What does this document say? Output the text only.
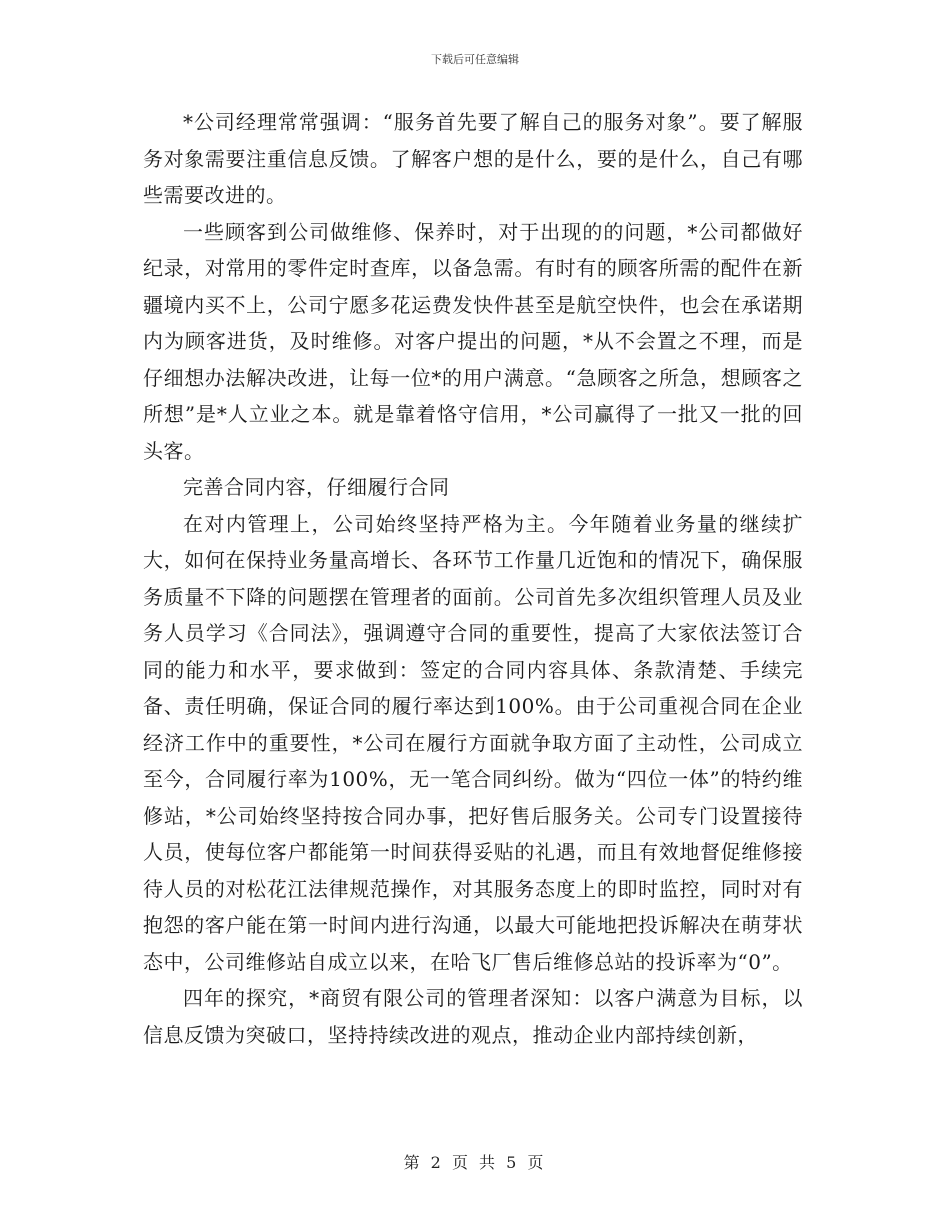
下载后可任意编辑

*公司经理常常强调：“服务首先要了解自己的服务对象”。要了解服务对象需要注重信息反馈。了解客户想的是什么，要的是什么，自己有哪些需要改进的。

一些顾客到公司做维修、保养时，对于出现的的问题，*公司都做好纪录，对常用的零件定时查库，以备急需。有时有的顾客所需的配件在新疆境内买不上，公司宁愿多花运费发快件甚至是航空快件，也会在承诺期内为顾客进货，及时维修。对客户提出的问题，*从不会置之不理，而是仔细想办法解决改进，让每一位*的用户满意。“急顾客之所急，想顾客之所想”是*人立业之本。就是靠着恪守信用，*公司赢得了一批又一批的回头客。

完善合同内容，仔细履行合同

在对内管理上，公司始终坚持严格为主。今年随着业务量的继续扩大，如何在保持业务量高增长、各环节工作量几近饱和的情况下，确保服务质量不下降的问题摆在管理者的面前。公司首先多次组织管理人员及业务人员学习《合同法》，强调遵守合同的重要性，提高了大家依法签订合同的能力和水平，要求做到：签定的合同内容具体、条款清楚、手续完备、责任明确，保证合同的履行率达到100%。由于公司重视合同在企业经济工作中的重要性，*公司在履行方面就争取方面了主动性，公司成立至今，合同履行率为100%，无一笔合同纠纷。做为“四位一体”的特约维修站，*公司始终坚持按合同办事，把好售后服务关。公司专门设置接待人员，使每位客户都能第一时间获得妥贴的礼遇，而且有效地督促维修接待人员的对松花江法律规范操作，对其服务态度上的即时监控，同时对有抱怨的客户能在第一时间内进行沟通，以最大可能地把投诉解决在萌芽状态中，公司维修站自成立以来，在哈飞厂售后维修总站的投诉率为“0”。

四年的探究，*商贸有限公司的管理者深知：以客户满意为目标，以信息反馈为突破口，坚持持续改进的观点，推动企业内部持续创新，

第 2 页 共 5 页
